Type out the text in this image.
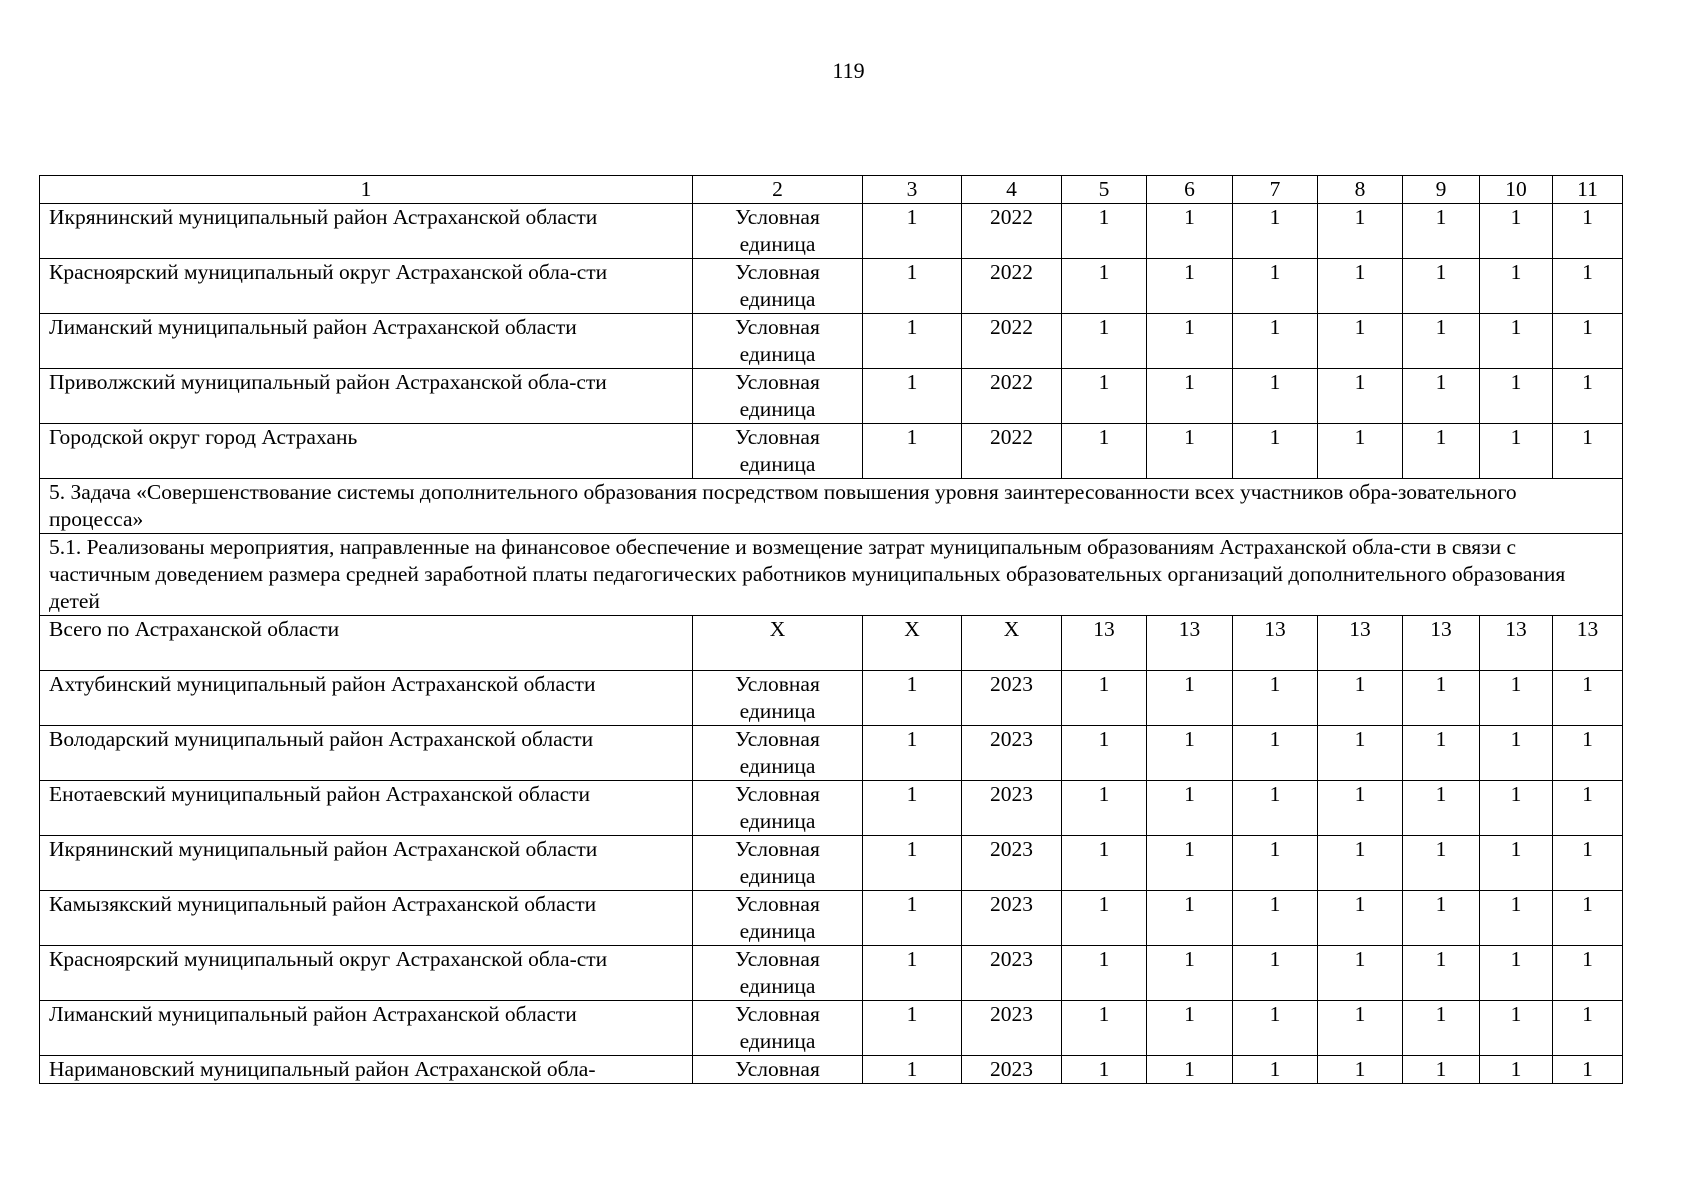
119
1	2	3	4	5	6	7	8	9	10	11
Икрянинский муниципальный район Астраханской области	Условная единица	1	2022	1	1	1	1	1	1	1
Красноярский муниципальный округ Астраханской обла-сти	Условная единица	1	2022	1	1	1	1	1	1	1
Лиманский муниципальный район Астраханской области	Условная единица	1	2022	1	1	1	1	1	1	1
Приволжский муниципальный район Астраханской обла-сти	Условная единица	1	2022	1	1	1	1	1	1	1
Городской округ город Астрахань	Условная единица	1	2022	1	1	1	1	1	1	1
5. Задача «Совершенствование системы дополнительного образования посредством повышения уровня заинтересованности всех участников обра-зовательного процесса»										
5.1. Реализованы мероприятия, направленные на финансовое обеспечение и возмещение затрат муниципальным образованиям Астраханской обла-сти в связи с частичным доведением размера средней заработной платы педагогических работников муниципальных образовательных организаций дополнительного образования детей										
Всего по Астраханской области	Х	Х	Х	13	13	13	13	13	13	13
Ахтубинский муниципальный район Астраханской области	Условная единица	1	2023	1	1	1	1	1	1	1
Володарский муниципальный район Астраханской области	Условная единица	1	2023	1	1	1	1	1	1	1
Енотаевский муниципальный район Астраханской области	Условная единица	1	2023	1	1	1	1	1	1	1
Икрянинский муниципальный район Астраханской области	Условная единица	1	2023	1	1	1	1	1	1	1
Камызякский муниципальный район Астраханской области	Условная единица	1	2023	1	1	1	1	1	1	1
Красноярский муниципальный округ Астраханской обла-сти	Условная единица	1	2023	1	1	1	1	1	1	1
Лиманский муниципальный район Астраханской области	Условная единица	1	2023	1	1	1	1	1	1	1
Наримановский муниципальный район Астраханской обла-	Условная	1	2023	1	1	1	1	1	1	1
